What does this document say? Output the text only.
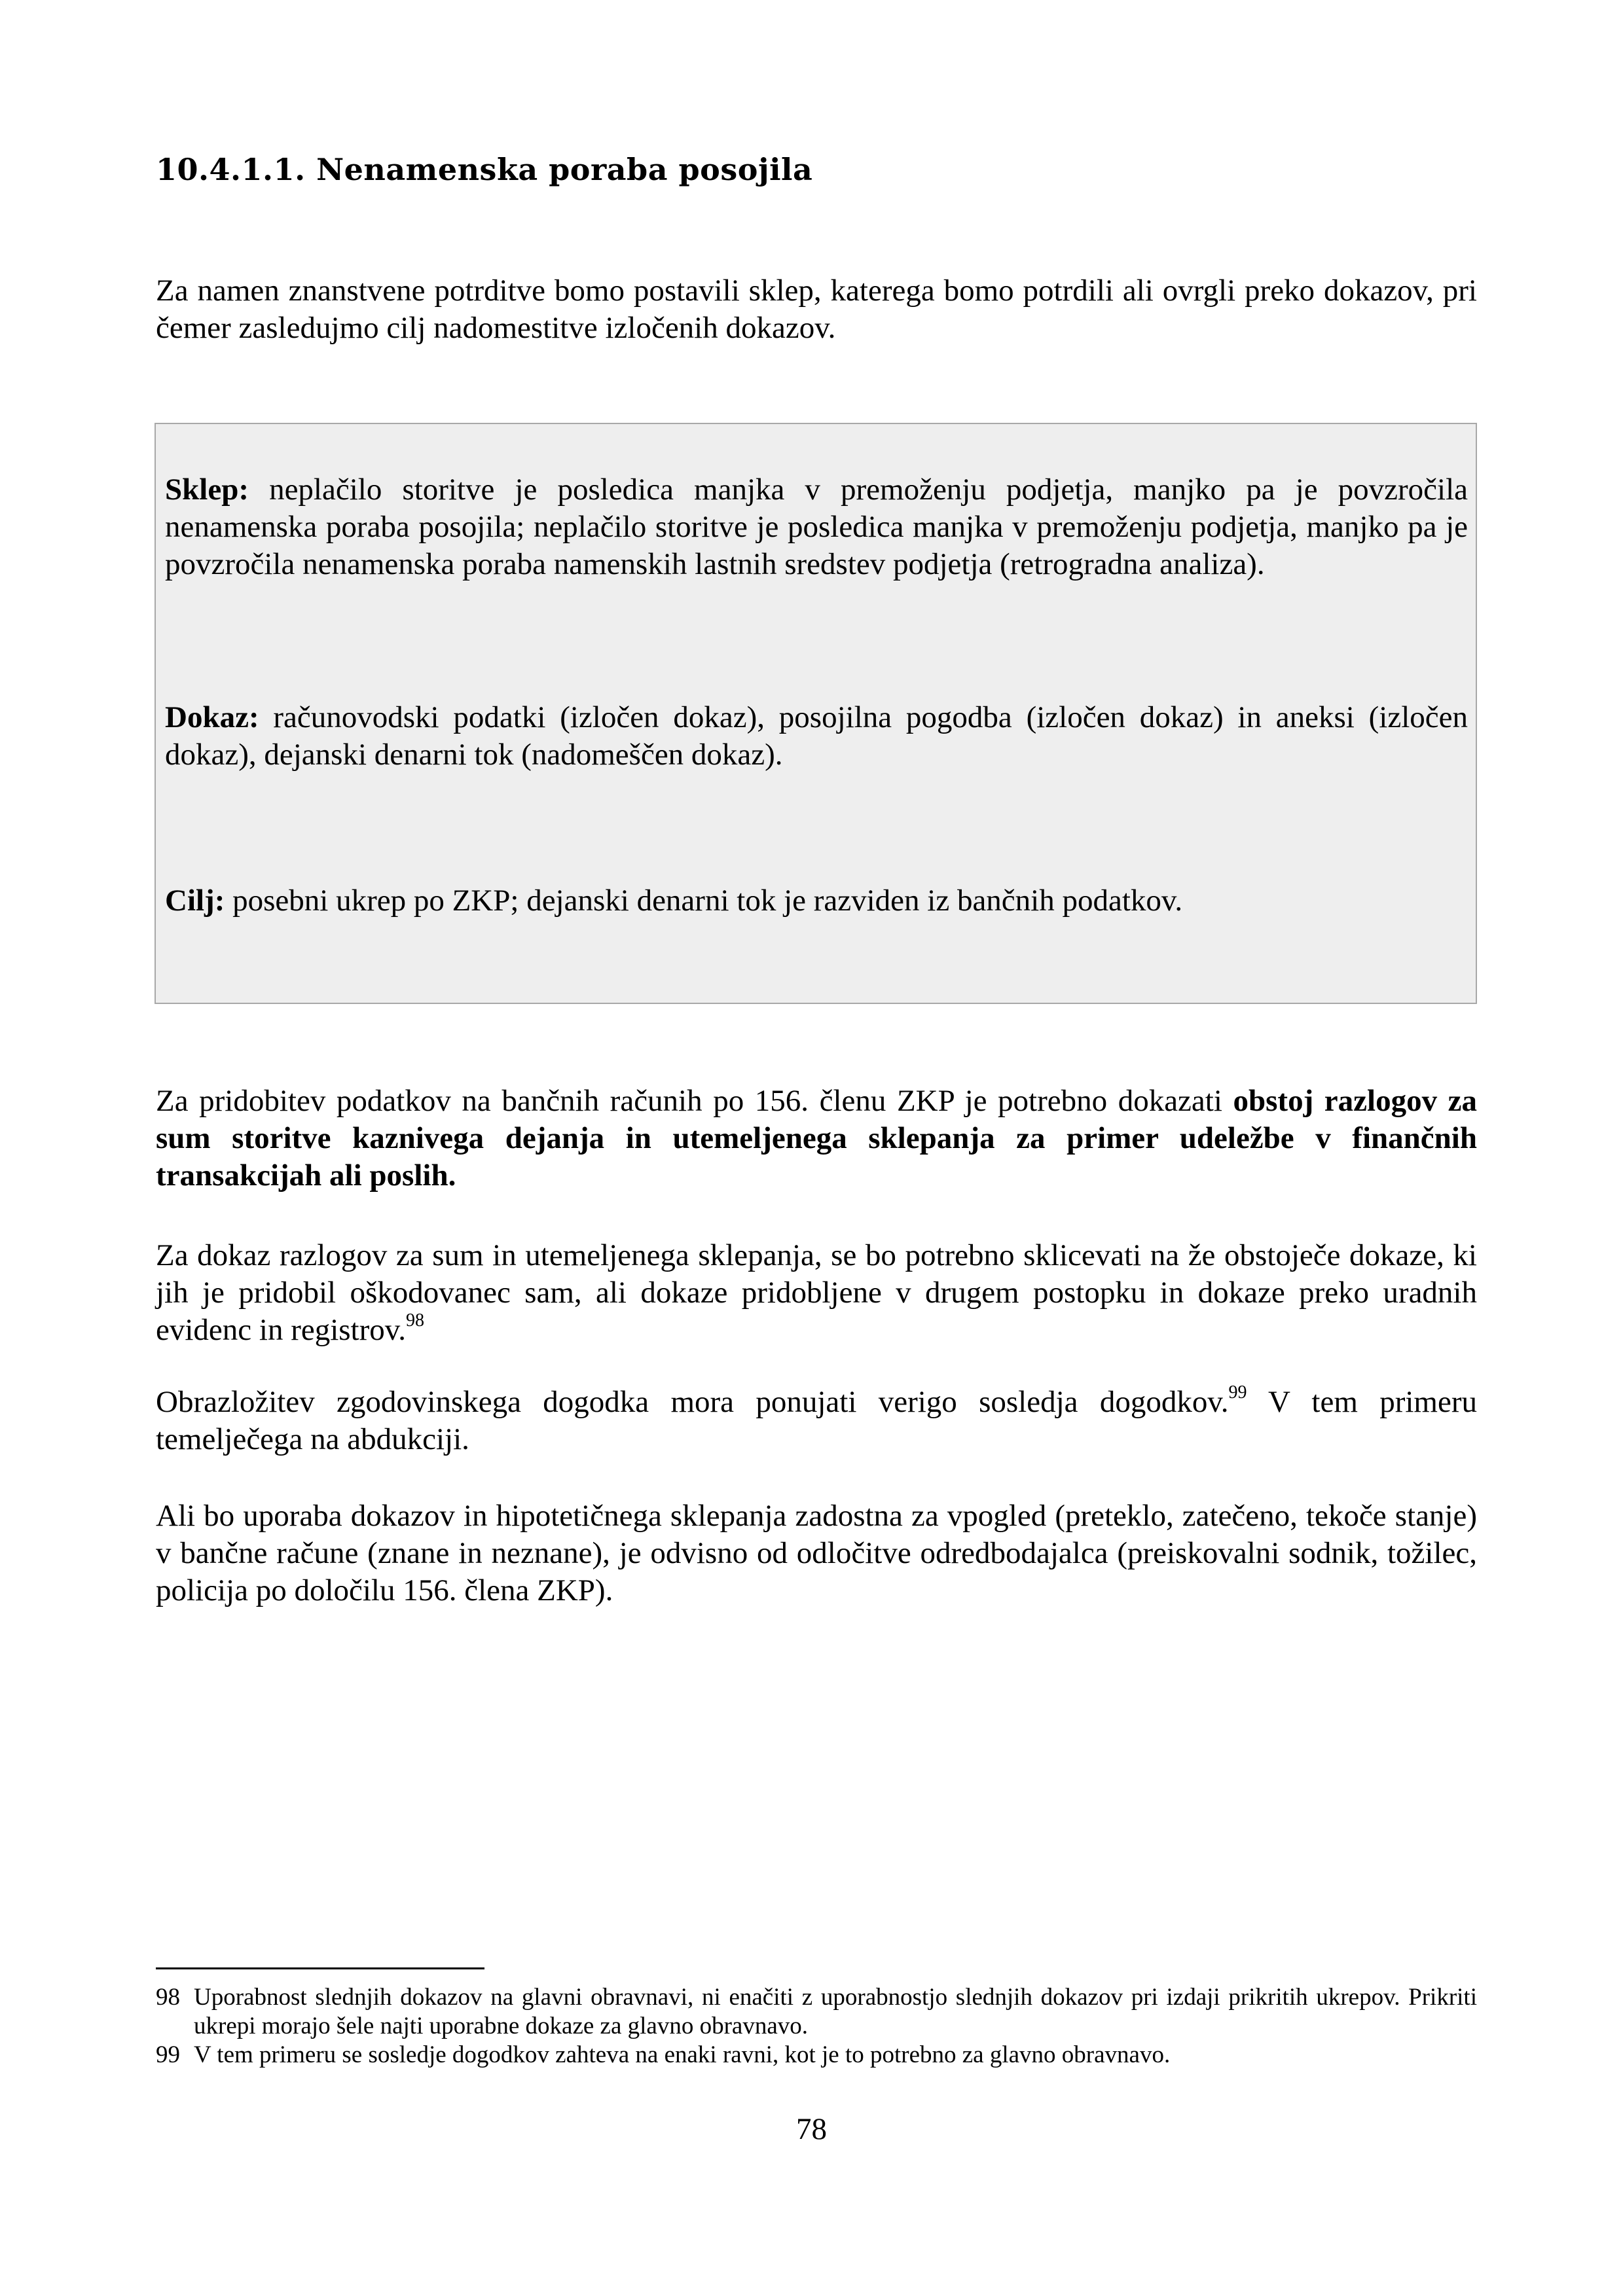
10.4.1.1. Nenamenska poraba posojila

Za namen znanstvene potrditve bomo postavili sklep, katerega bomo potrdili ali ovrgli preko dokazov, pri čemer zasledujmo cilj nadomestitve izločenih dokazov.

Sklep: neplačilo storitve je posledica manjka v premoženju podjetja, manjko pa je povzročila nenamenska poraba posojila; neplačilo storitve je posledica manjka v premoženju podjetja, manjko pa je povzročila nenamenska poraba namenskih lastnih sredstev podjetja (retrogradna analiza).

Dokaz: računovodski podatki (izločen dokaz), posojilna pogodba (izločen dokaz) in aneksi (izločen dokaz), dejanski denarni tok (nadomeščen dokaz).

Cilj: posebni ukrep po ZKP; dejanski denarni tok je razviden iz bančnih podatkov.

Za pridobitev podatkov na bančnih računih po 156. členu ZKP je potrebno dokazati obstoj razlogov za sum storitve kaznivega dejanja in utemeljenega sklepanja za primer udeležbe v finančnih transakcijah ali poslih.

Za dokaz razlogov za sum in utemeljenega sklepanja, se bo potrebno sklicevati na že obstoječe dokaze, ki jih je pridobil oškodovanec sam, ali dokaze pridobljene v drugem postopku in dokaze preko uradnih evidenc in registrov.$^{98}$

Obrazložitev zgodovinskega dogodka mora ponujati verigo sosledja dogodkov.$^{99}$ V tem primeru temelječega na abdukciji.

Ali bo uporaba dokazov in hipotetičnega sklepanja zadostna za vpogled (preteklo, zatečeno, tekoče stanje) v bančne račune (znane in neznane), je odvisno od odločitve odredbodajalca (preiskovalni sodnik, tožilec, policija po določilu 156. člena ZKP).

98 Uporabnost slednjih dokazov na glavni obravnavi, ni enačiti z uporabnostjo slednjih dokazov pri izdaji prikritih ukrepov. Prikriti ukrepi morajo šele najti uporabne dokaze za glavno obravnavo.

99 V tem primeru se sosledje dogodkov zahteva na enaki ravni, kot je to potrebno za glavno obravnavo.

78
